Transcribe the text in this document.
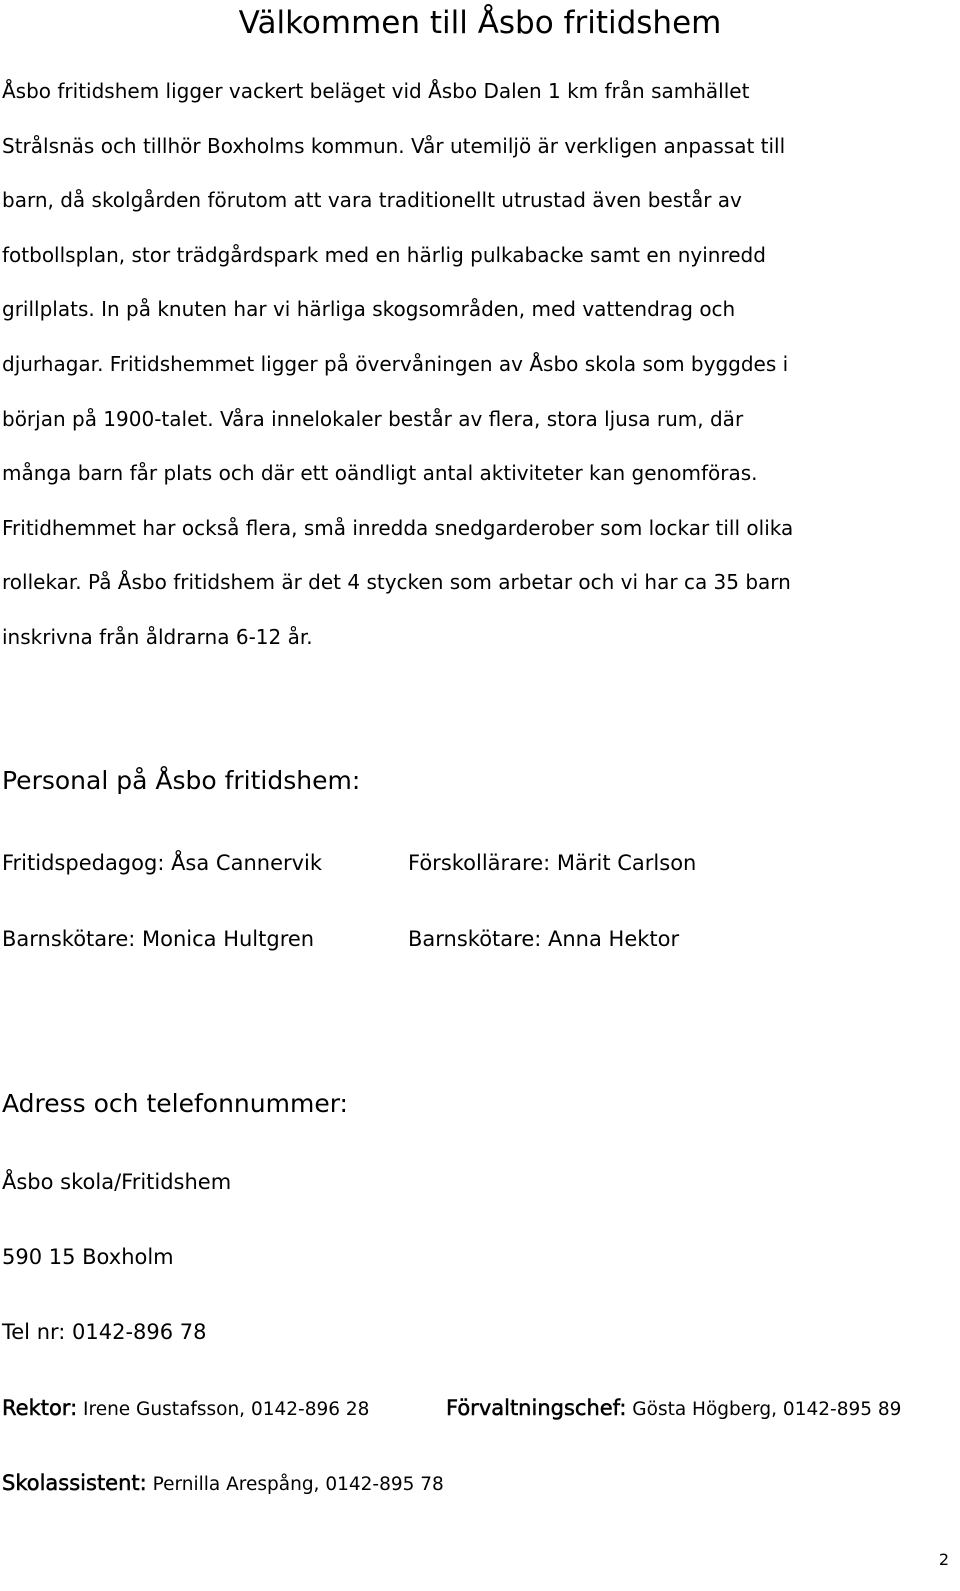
Välkommen till Åsbo fritidshem

Åsbo fritidshem ligger vackert beläget vid Åsbo Dalen 1 km från samhället
Strålsnäs och tillhör Boxholms kommun. Vår utemiljö är verkligen anpassat till
barn, då skolgården förutom att vara traditionellt utrustad även består av
fotbollsplan, stor trädgårdspark med en härlig pulkabacke samt en nyinredd
grillplats. In på knuten har vi härliga skogsområden, med vattendrag och
djurhagar. Fritidshemmet ligger på övervåningen av Åsbo skola som byggdes i
början på 1900-talet. Våra innelokaler består av flera, stora ljusa rum, där
många barn får plats och där ett oändligt antal aktiviteter kan genomföras.
Fritidhemmet har också flera, små inredda snedgarderober som lockar till olika
rollekar. På Åsbo fritidshem är det 4 stycken som arbetar och vi har ca 35 barn
inskrivna från åldrarna 6-12 år.

Personal på Åsbo fritidshem:

Fritidspedagog: Åsa Cannervik	Förskollärare: Märit Carlson

Barnskötare: Monica Hultgren	Barnskötare: Anna Hektor

Adress och telefonnummer:

Åsbo skola/Fritidshem

590 15 Boxholm

Tel nr: 0142-896 78

Rektor: Irene Gustafsson, 0142-896 28	Förvaltningschef: Gösta Högberg, 0142-895 89
Skolassistent: Pernilla Arespång, 0142-895 78
2
